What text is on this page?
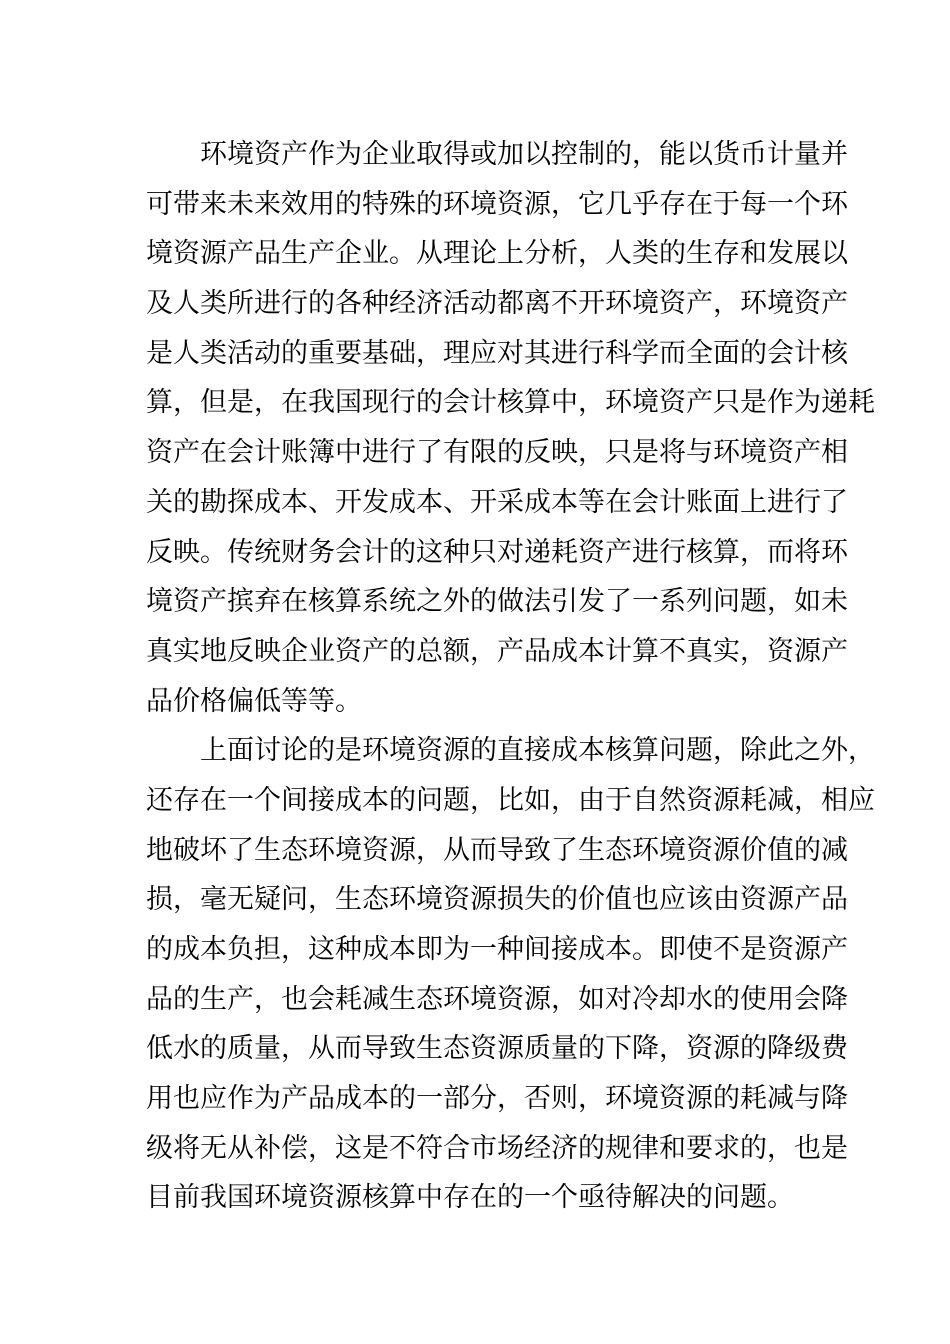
环境资产作为企业取得或加以控制的，能以货币计量并
可带来未来效用的特殊的环境资源，它几乎存在于每一个环
境资源产品生产企业。从理论上分析，人类的生存和发展以
及人类所进行的各种经济活动都离不开环境资产，环境资产
是人类活动的重要基础，理应对其进行科学而全面的会计核
算，但是，在我国现行的会计核算中，环境资产只是作为递耗
资产在会计账簿中进行了有限的反映，只是将与环境资产相
关的勘探成本、开发成本、开采成本等在会计账面上进行了
反映。传统财务会计的这种只对递耗资产进行核算，而将环
境资产摈弃在核算系统之外的做法引发了一系列问题，如未
真实地反映企业资产的总额，产品成本计算不真实，资源产
品价格偏低等等。
上面讨论的是环境资源的直接成本核算问题，除此之外，
还存在一个间接成本的问题，比如，由于自然资源耗减，相应
地破坏了生态环境资源，从而导致了生态环境资源价值的减
损，毫无疑问，生态环境资源损失的价值也应该由资源产品
的成本负担，这种成本即为一种间接成本。即使不是资源产
品的生产，也会耗减生态环境资源，如对冷却水的使用会降
低水的质量，从而导致生态资源质量的下降，资源的降级费
用也应作为产品成本的一部分，否则，环境资源的耗减与降
级将无从补偿，这是不符合市场经济的规律和要求的，也是
目前我国环境资源核算中存在的一个亟待解决的问题。
